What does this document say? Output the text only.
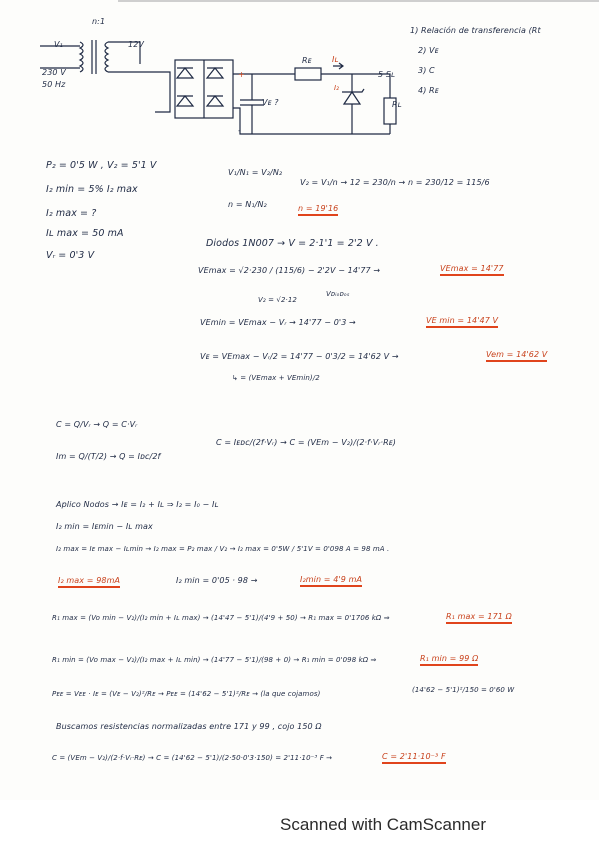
n:1
V₁	12V
230 V
50 Hz
Rᴇ	Iʟ
I₂
5·Sʟ
Rʟ
Vᴇ ?
+
-
1) Relación de transferencia (Rt
2) Vᴇ
3) C
4) Rᴇ
P₂ = 0'5 W , V₂ = 5'1 V
I₂ min = 5% I₂ max
I₂ max = ?
Iʟ max = 50 mA
Vᵣ = 0'3 V
V₁/N₁ = V₂/N₂
n = N₁/N₂
V₂ = V₁/n → 12 = 230/n → n = 230/12 = 115/6
n = 19'16
Diodos 1N007 → V = 2·1'1 = 2'2 V .
VEmax = √2·230 / (115/6) − 2'2V − 14'77 →	VEmax = 14'77
V₂ = √2·12
Vᴅᵢₒᴅₒₛ
VEmin = VEmax − Vᵣ → 14'77 − 0'3 →	VE min = 14'47 V
Vᴇ = VEmax − Vᵣ/2 = 14'77 − 0'3/2 = 14'62 V →	Vem = 14'62 V
↳ = (VEmax + VEmin)/2
C = Q/Vᵣ → Q = C·Vᵣ
Im = Q/(T/2) → Q = Iᴅᴄ/2f
C = Iᴇᴅᴄ/(2f·Vᵣ) → C = (VEm − V₂)/(2·f·Vᵣ·Rᴇ)
Aplico Nodos → Iᴇ = I₂ + Iʟ ⇒ I₂ = I₀ − Iʟ
I₂ min = Iᴇmin − Iʟ max
I₂ max = Iᴇ max − Iʟmin → I₂ max = P₂ max / V₂ → I₂ max = 0'5W / 5'1V = 0'098 A = 98 mA .
I₂ max = 98mA	I₂ min = 0'05 · 98 →	I₂min = 4'9 mA
R₁ max = (Vo min − V₂)/(I₂ min + Iʟ max) → (14'47 − 5'1)/(4'9 + 50) → R₁ max = 0'1706 kΩ ⇒	R₁ max = 171 Ω
R₁ min = (Vo max − V₂)/(I₂ max + Iʟ min) → (14'77 − 5'1)/(98 + 0) → R₁ min = 0'098 kΩ ⇒	R₁ min = 99 Ω
Pᴇᴇ = Vᴇᴇ · Iᴇ = (Vᴇ − V₂)²/Rᴇ → Pᴇᴇ = (14'62 − 5'1)²/Rᴇ → (la que cojamos)	(14'62 − 5'1)²/150 = 0'60 W
Buscamos resistencias normalizadas entre 171 y 99 , cojo 150 Ω
C = (VEm − V₂)/(2·f·Vᵣ·Rᴇ) → C = (14'62 − 5'1)/(2·50·0'3·150) = 2'11·10⁻³ F →	C = 2'11·10⁻³ F
Scanned with CamScanner
